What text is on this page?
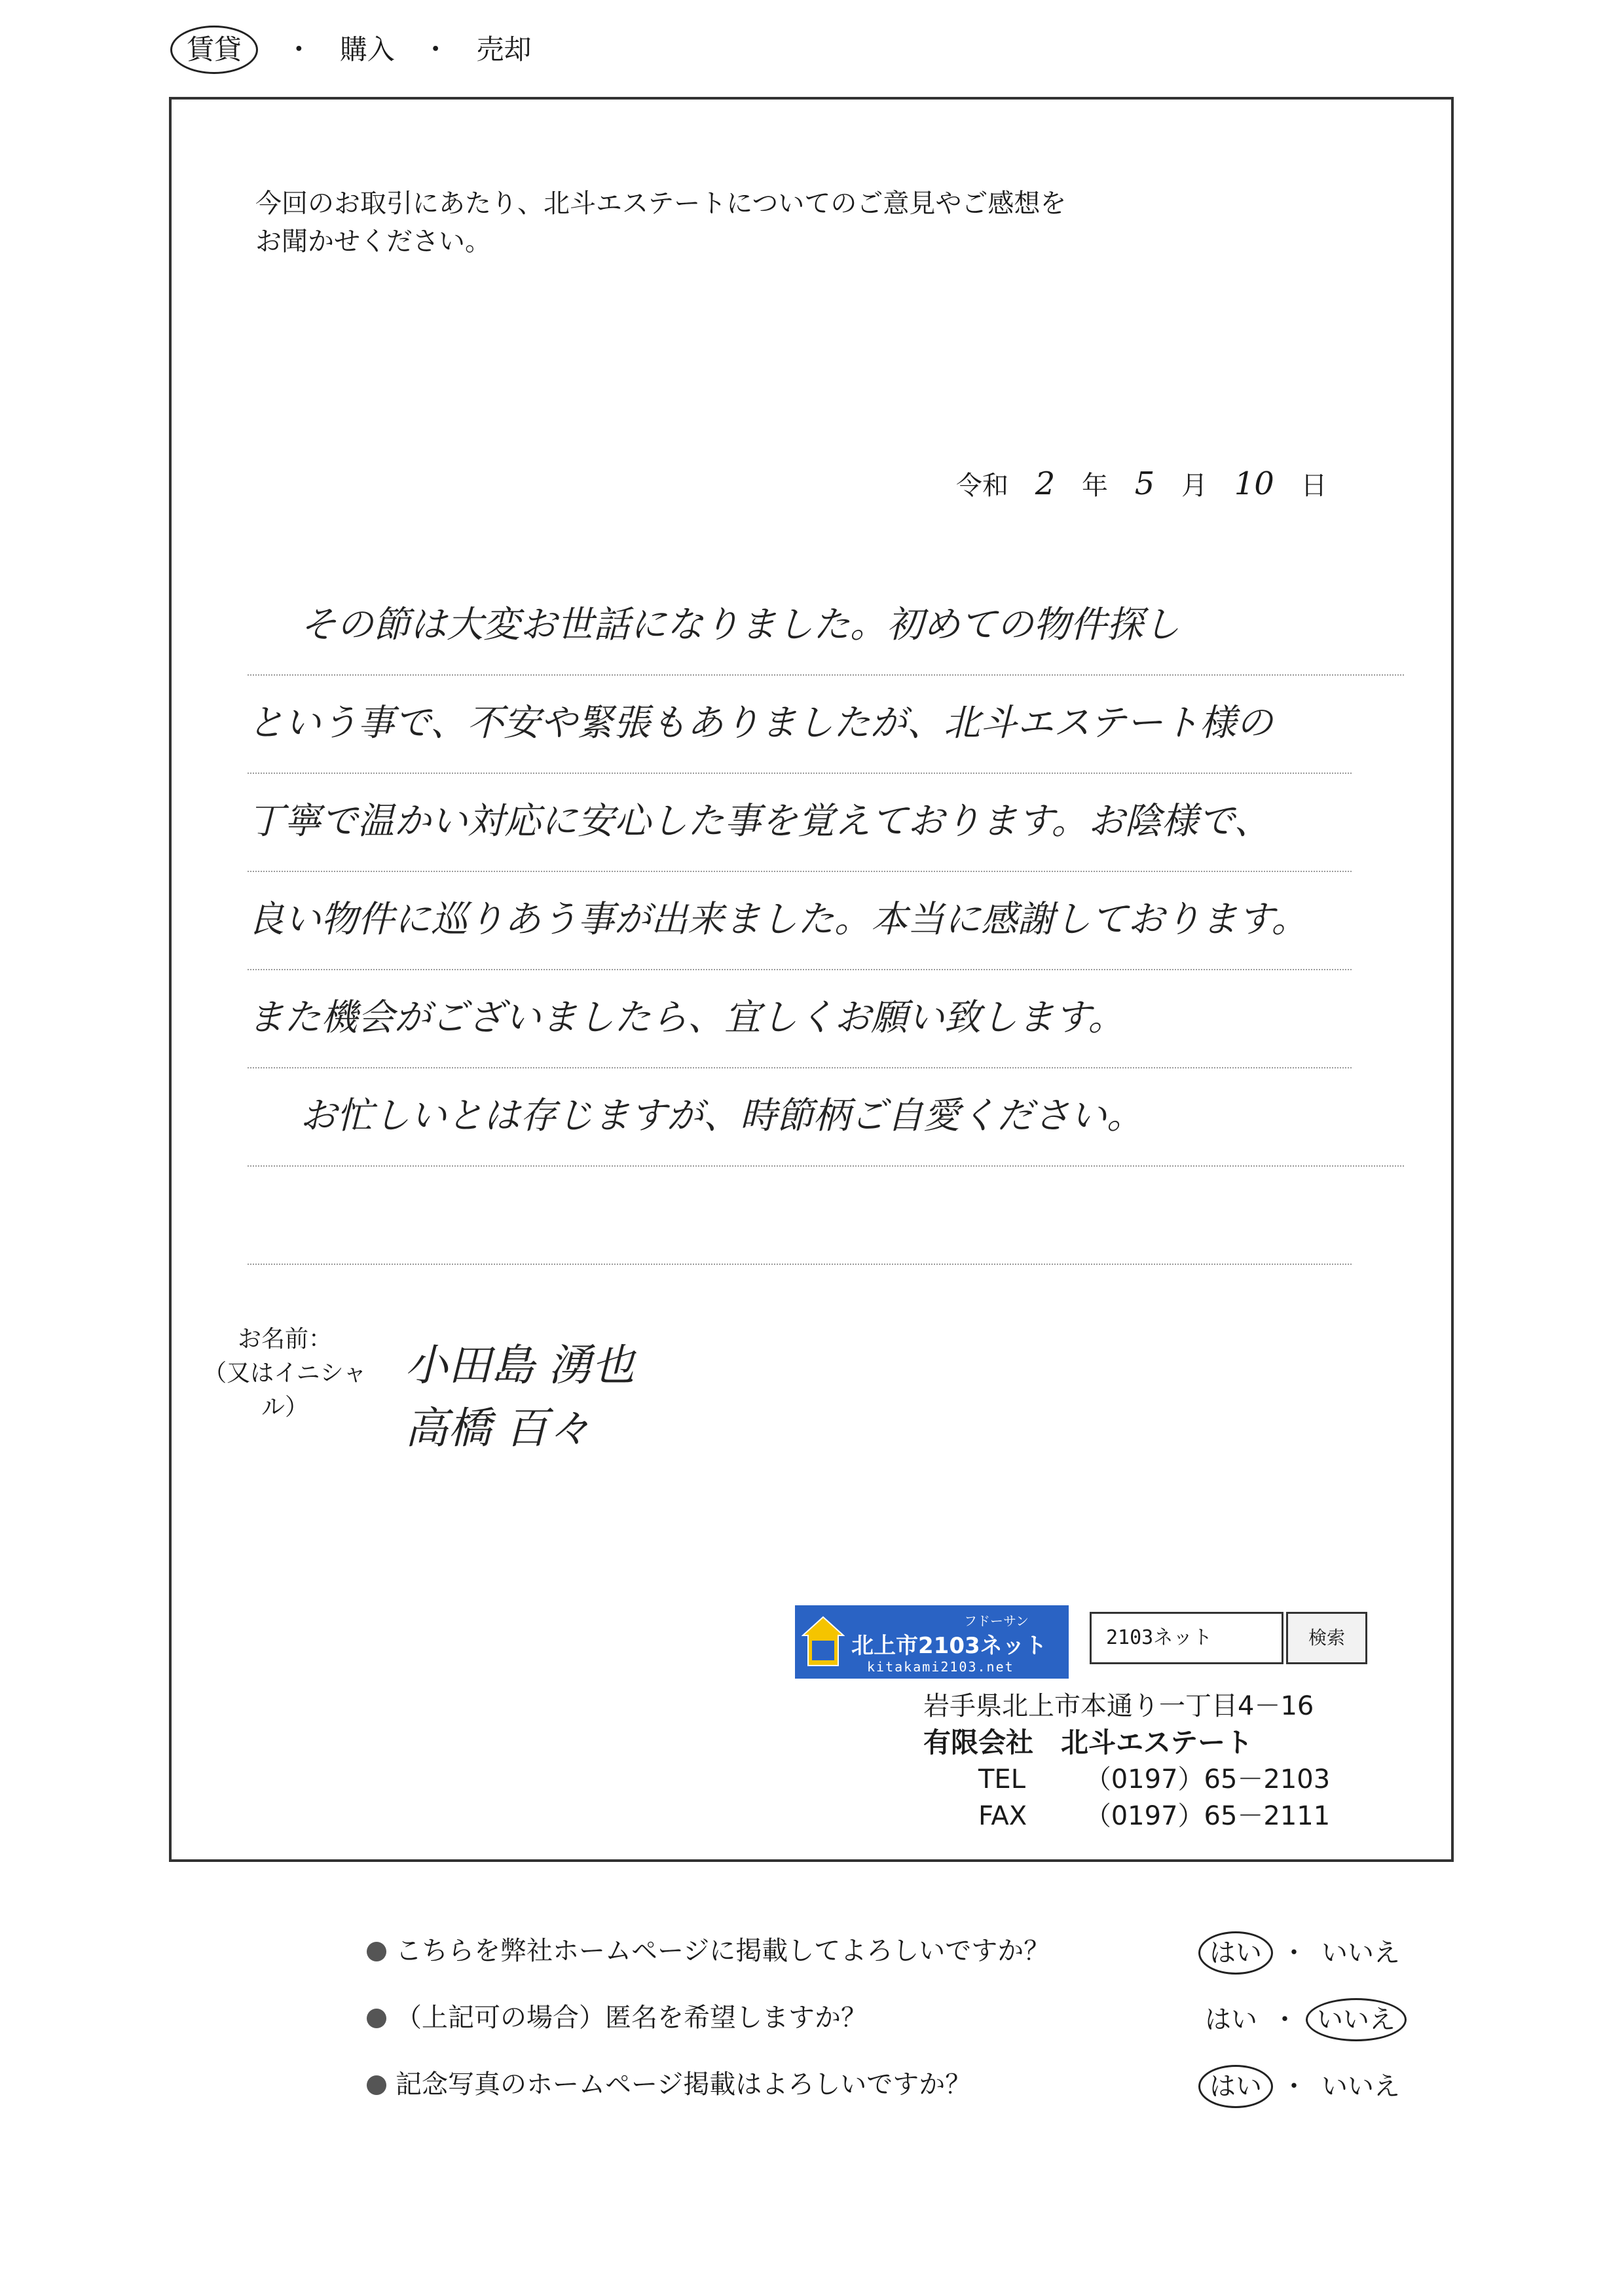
賃貸 ・ 購入 ・ 売却
今回のお取引にあたり、北斗エステートについてのご意見やご感想を
お聞かせください。
令和 2 年 5 月 10 日
その節は大変お世話になりました。初めての物件探し
という事で、不安や緊張もありましたが、北斗エステート様の
丁寧で温かい対応に安心した事を覚えております。お陰様で、
良い物件に巡りあう事が出来ました。本当に感謝しております。
また機会がございましたら、宜しくお願い致します。
お忙しいとは存じますが、時節柄ご自愛ください。
お名前：
（又はイニシャル）
小田島 湧也
高橋 百々
フドーサン
北上市2103ネット
kitakami2103.net
2103ネット	検索
岩手県北上市本通り一丁目4－16
有限会社　北斗エステート
TEL （0197）65－2103
FAX （0197）65－2111
こちらを弊社ホームページに掲載してよろしいですか？	はい ・ いいえ
（上記可の場合）匿名を希望しますか？	はい ・ いいえ
記念写真のホームページ掲載はよろしいですか？	はい ・ いいえ
